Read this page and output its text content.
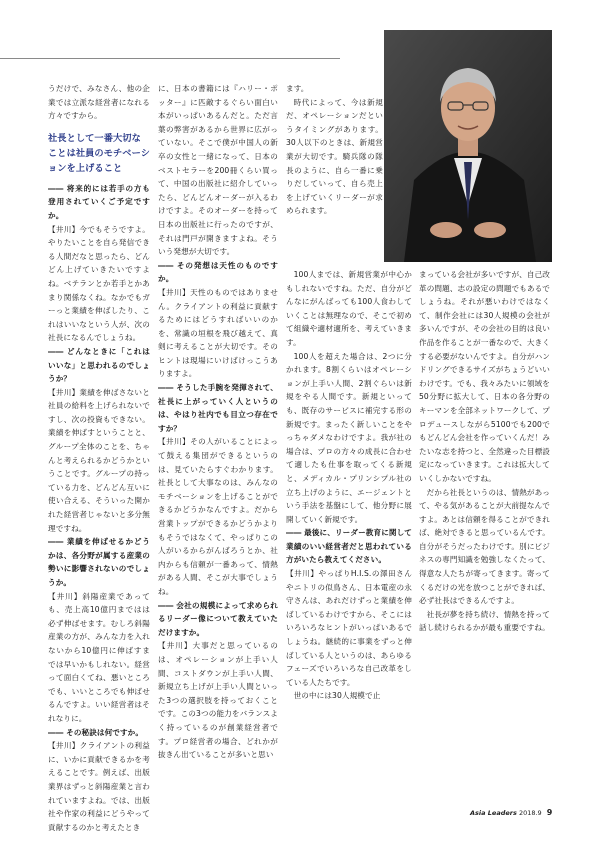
うだけで、みなさん、他の企業では立派な経営者になれる方々ですから。

社長として一番大切なことは社員のモチベーションを上げること

―― 将来的には若手の方も登用されていくご予定ですか。

【井川】今でもそうですよ。やりたいことを自ら発信できる人間だなと思ったら、どんどん上げていきたいですよね。ベテランとか若手とかあまり関係なくね。なかでもガーっと業績を伸ばしたり、これはいいなという人が、次の社長になるんでしょうね。

―― どんなときに「これはいいな」と思われるのでしょうか？

【井川】業績を伸ばさないと社員の給料を上げられないですし、次の投資もできない。業績を伸ばすということと、グループ全体のことを、ちゃんと考えられるかどうかということです。グループの持っている力を、どんどん互いに使い合える、そういった開かれた経営者じゃないと多分無理ですね。

―― 業績を伸ばせるかどうかは、各分野が属する産業の勢いに影響されないのでしょうか。

【井川】斜陽産業であっても、売上高10億円まではは必ず伸ばせます。むしろ斜陽産業の方が、みんな力を入れないから10億円に伸ばすまでは早いかもしれない。経営って面白くてね、悪いところでも、いいところでも伸ばせるんですよ。いい経営者はそれなりに。

―― その秘訣は何ですか。

【井川】クライアントの利益に、いかに貢献できるかを考えることです。例えば、出版業界はずっと斜陽産業と言われていますよね。では、出版社や作家の利益にどうやって貢献するのかと考えたとき

に、日本の書籍には『ハリー・ポッター』に匹敵するぐらい面白い本がいっぱいあるんだと。ただ言葉の弊害があるから世界に広がっていない。そこで僕が中国人の新卒の女性と一緒になって、日本のベストセラーを200冊くらい買って、中国の出版社に紹介していったら、どんどんオーダーが入るわけですよ。そのオーダーを持って日本の出版社に行ったのですが、それは門戸が開きますよね。そういう発想が大切です。

―― その発想は天性のものですか。

【井川】天性のものではありません。クライアントの利益に貢献するためにはどうすればいいのかを、常識の垣根を飛び越えて、真剣に考えることが大切です。そのヒントは現場にいけばけっこうありますよ。

―― そうした手腕を発揮されて、社長に上がっていく人というのは、やはり社内でも目立つ存在ですか？

【井川】その人がいることによって鼓える集団ができるというのは、見ていたらすぐわかります。社長として大事なのは、みんなのモチベーションを上げることができるかどうかなんですよ。だから営業トップができるかどうかよりもそうではなくて、やっぱりこの人がいるからがんばろうとか、社内からも信頼が一番あって、情熱がある人間、そこが大事でしょうね。

―― 会社の規模によって求められるリーダー像について教えていただけますか。

【井川】大事だと思っているのは、オペレーションが上手い人間、コストダウンが上手い人間、新規立ち上げが上手い人間といった3つの選択肢を持っておくことです。この3つの能力をバランスよく持っているのが創業経営者です。プロ経営者の場合、どれかが抜きん出ていることが多いと思い

ます。

時代によって、今は新規だ、オペレーションだというタイミングがあります。30人以下のときは、新規営業が大切です。騎兵隊の隊長のように、自ら一番に乗りだしていって、自ら売上を上げていくリーダーが求められます。

100人までは、新規営業が中心かもしれないですね。ただ、自分がどんなにがんばっても100人食わしていくことは無理なので、そこで初めて組織や適材適所を、考えていきます。

100人を超えた場合は、2つに分かれます。8割くらいはオペレーションが上手い人間、2割ぐらいは新規をやる人間です。新規といっても、既存のサービスに補完する形の新規です。まったく新しいことをやっちゃダメなわけですよ。我が社の場合は、プロの方々の成長に合わせて適したも仕事を取ってくる新規と、メディカル・プリンシプル社の立ち上げのように、エージェントという手法を基盤にして、他分野に展開していく新規です。

―― 最後に、リーダー教育に関して業績のいい経営者だと思われている方がいたら教えてください。

【井川】やっぱりH.I.S.の澤田さんやニトリの似鳥さん、日本電産の永守さんは、あれだけずっと業績を伸ばしているわけですから、そこにはいろいろなヒントがいっぱいあるでしょうね。継続的に事業をずっと伸ばしている人というのは、あらゆるフェーズでいろいろな自己改革をしている人たちです。

世の中には30人規模で止

まっている会社が多いですが、自己改革の問題、志の設定の問題でもあるでしょうね。それが悪いわけではなくて、制作会社には30人規模の会社が多いんですが、その会社の目的は良い作品を作ることが一番なので、大きくする必要がないんですよ。自分がハンドリングできるサイズがちょうどいいわけです。でも、我々みたいに領域を50分野に拡大して、日本の各分野のキーマンを全部ネットワークして、プロデュースしながら5100でも200でもどんどん会社を作っていくんだ！みたいな志を持つと、全然違った目標設定になっていきます。これは拡大していくしかないですね。

だから社長というのは、情熱があって、やる気があることが大前提なんですよ。あとは信頼を得ることができれば、絶対できると思っているんです。自分がそうだったわけです。別にビジネスの専門知識を勉強しなくたって、得意な人たちが寄ってきます。寄ってくるだけの光を放つことができれば、必ず社長はできるんですよ。

社長が夢を持ち続け、情熱を持って話し続けられるかが最も重要ですね。

Asia Leaders 2018.9 9
